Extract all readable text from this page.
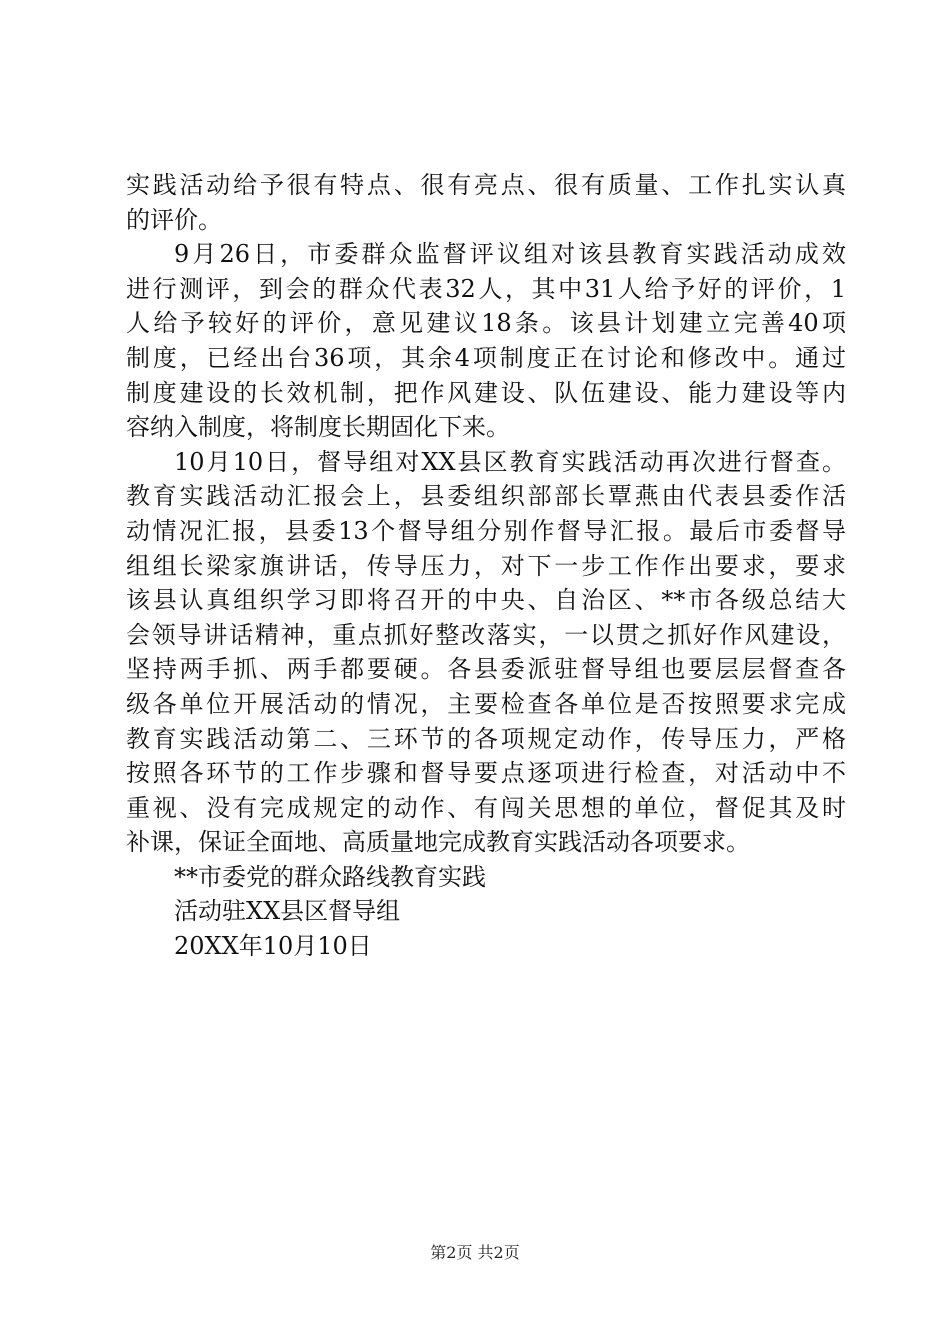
实践活动给予很有特点、很有亮点、很有质量、工作扎实认真
的评价。
9月26日，市委群众监督评议组对该县教育实践活动成效
进行测评，到会的群众代表32人，其中31人给予好的评价，1
人给予较好的评价，意见建议18条。该县计划建立完善40项
制度，已经出台36项，其余4项制度正在讨论和修改中。通过
制度建设的长效机制，把作风建设、队伍建设、能力建设等内
容纳入制度，将制度长期固化下来。
10月10日，督导组对XX县区教育实践活动再次进行督查。
教育实践活动汇报会上，县委组织部部长覃燕由代表县委作活
动情况汇报，县委13个督导组分别作督导汇报。最后市委督导
组组长梁家旗讲话，传导压力，对下一步工作作出要求，要求
该县认真组织学习即将召开的中央、自治区、**市各级总结大
会领导讲话精神，重点抓好整改落实，一以贯之抓好作风建设，
坚持两手抓、两手都要硬。各县委派驻督导组也要层层督查各
级各单位开展活动的情况，主要检查各单位是否按照要求完成
教育实践活动第二、三环节的各项规定动作，传导压力，严格
按照各环节的工作步骤和督导要点逐项进行检查，对活动中不
重视、没有完成规定的动作、有闯关思想的单位，督促其及时
补课，保证全面地、高质量地完成教育实践活动各项要求。

**市委党的群众路线教育实践

活动驻XX县区督导组

20XX年10月10日

第2页 共2页
